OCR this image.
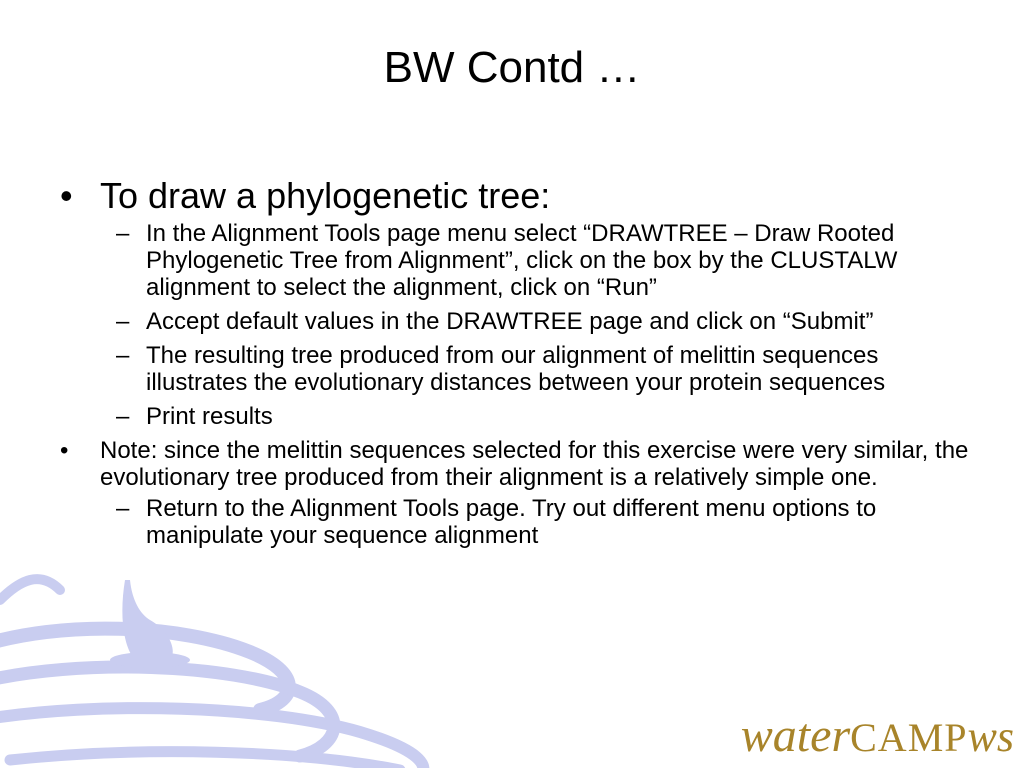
BW Contd …
• To draw a phylogenetic tree:
– In the Alignment Tools page menu select “DRAWTREE – Draw Rooted Phylogenetic Tree from Alignment”, click on the box by the CLUSTALW alignment to select the alignment, click on “Run”
– Accept default values in the DRAWTREE page and click on “Submit”
– The resulting tree produced from our alignment of melittin sequences illustrates the evolutionary distances between your protein sequences
– Print results
• Note: since the melittin sequences selected for this exercise were very similar, the evolutionary tree produced from their alignment is a relatively simple one.
– Return to the Alignment Tools page. Try out different menu options to manipulate your sequence alignment
water CAMP ws
